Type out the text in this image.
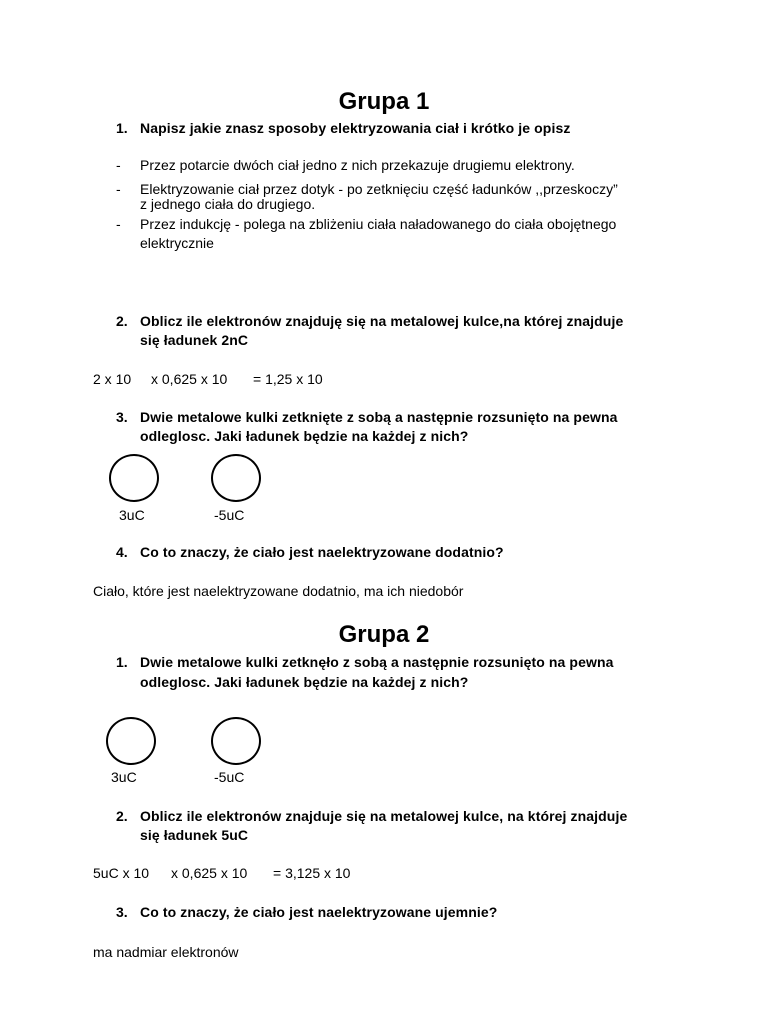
Grupa 1
1. Napisz jakie znasz sposoby elektryzowania ciał i krótko je opisz
- Przez potarcie dwóch ciał jedno z nich przekazuje drugiemu elektrony.
- Elektryzowanie ciał przez dotyk - po zetknięciu część ładunków ,,przeskoczy”
z jednego ciała do drugiego.
- Przez indukcję - polega na zbliżeniu ciała naładowanego do ciała obojętnego
elektrycznie
2. Oblicz ile elektronów znajduję się na metalowej kulce,na której znajduje
się ładunek 2nC
2 x 10 x 0,625 x 10 = 1,25 x 10
3. Dwie metalowe kulki zetknięte z sobą a następnie rozsunięto na pewna
odleglosc. Jaki ładunek będzie na każdej z nich?
3uC	-5uC
4. Co to znaczy, że ciało jest naelektryzowane dodatnio?
Ciało, które jest naelektryzowane dodatnio, ma ich niedobór
Grupa 2
1. Dwie metalowe kulki zetknęło z sobą a następnie rozsunięto na pewna
odleglosc. Jaki ładunek będzie na każdej z nich?
3uC	-5uC
2. Oblicz ile elektronów znajduje się na metalowej kulce, na której znajduje
się ładunek 5uC
5uC x 10 x 0,625 x 10 = 3,125 x 10
3. Co to znaczy, że ciało jest naelektryzowane ujemnie?
ma nadmiar elektronów
